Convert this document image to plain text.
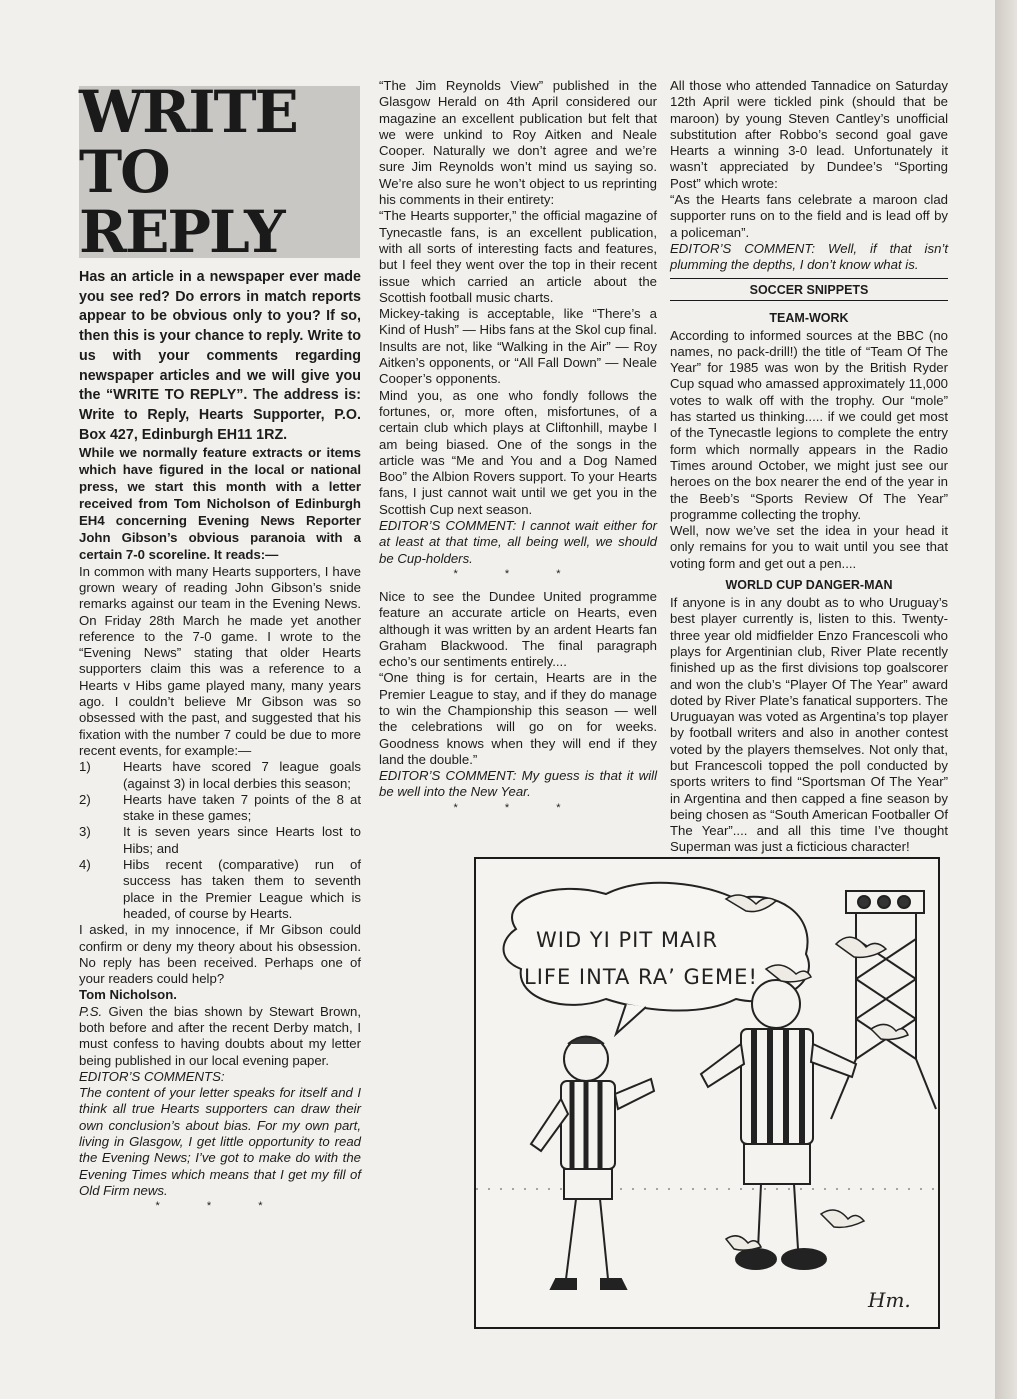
WRITE
TO
REPLY

Has an article in a newspaper ever made you see red? Do errors in match reports appear to be obvious only to you? If so, then this is your chance to reply. Write to us with your comments regarding newspaper articles and we will give you the “WRITE TO REPLY”. The address is: Write to Reply, Hearts Supporter, P.O. Box 427, Edinburgh EH11 1RZ.

While we normally feature extracts or items which have figured in the local or national press, we start this month with a letter received from Tom Nicholson of Edinburgh EH4 concerning Evening News Reporter John Gibson’s obvious paranoia with a certain 7-0 scoreline. It reads:—

In common with many Hearts supporters, I have grown weary of reading John Gibson’s snide remarks against our team in the Evening News. On Friday 28th March he made yet another reference to the 7-0 game. I wrote to the “Evening News” stating that older Hearts supporters claim this was a reference to a Hearts v Hibs game played many, many years ago. I couldn’t believe Mr Gibson was so obsessed with the past, and suggested that his fixation with the number 7 could be due to more recent events, for example:—

1)	Hearts have scored 7 league goals (against 3) in local derbies this season;
2)	Hearts have taken 7 points of the 8 at stake in these games;
3)	It is seven years since Hearts lost to Hibs; and
4)	Hibs recent (comparative) run of success has taken them to seventh place in the Premier League which is headed, of course by Hearts.

I asked, in my innocence, if Mr Gibson could confirm or deny my theory about his obsession. No reply has been received. Perhaps one of your readers could help?

Tom Nicholson.

P.S. Given the bias shown by Stewart Brown, both before and after the recent Derby match, I must confess to having doubts about my letter being published in our local evening paper.

EDITOR’S COMMENTS:

The content of your letter speaks for itself and I think all true Hearts supporters can draw their own conclusion’s about bias. For my own part, living in Glasgow, I get little opportunity to read the Evening News; I’ve got to make do with the Evening Times which means that I get my fill of Old Firm news.

* * *

“The Jim Reynolds View” published in the Glasgow Herald on 4th April considered our magazine an excellent publication but felt that we were unkind to Roy Aitken and Neale Cooper. Naturally we don’t agree and we’re sure Jim Reynolds won’t mind us saying so. We’re also sure he won’t object to us reprinting his comments in their entirety:

“The Hearts supporter,” the official magazine of Tynecastle fans, is an excellent publication, with all sorts of interesting facts and features, but I feel they went over the top in their recent issue which carried an article about the Scottish football music charts.

Mickey-taking is acceptable, like “There’s a Kind of Hush” — Hibs fans at the Skol cup final. Insults are not, like “Walking in the Air” — Roy Aitken’s opponents, or “All Fall Down” — Neale Cooper’s opponents.

Mind you, as one who fondly follows the fortunes, or, more often, misfortunes, of a certain club which plays at Cliftonhill, maybe I am being biased. One of the songs in the article was “Me and You and a Dog Named Boo” the Albion Rovers support. To your Hearts fans, I just cannot wait until we get you in the Scottish Cup next season.

EDITOR’S COMMENT: I cannot wait either for at least at that time, all being well, we should be Cup-holders.

* * *

Nice to see the Dundee United programme feature an accurate article on Hearts, even although it was written by an ardent Hearts fan Graham Blackwood. The final paragraph echo’s our sentiments entirely....

“One thing is for certain, Hearts are in the Premier League to stay, and if they do manage to win the Championship this season — well the celebrations will go on for weeks. Goodness knows when they will end if they land the double.”

EDITOR’S COMMENT: My guess is that it will be well into the New Year.

* * *

All those who attended Tannadice on Saturday 12th April were tickled pink (should that be maroon) by young Steven Cantley’s unofficial substitution after Robbo’s second goal gave Hearts a winning 3-0 lead. Unfortunately it wasn’t appreciated by Dundee’s “Sporting Post” which wrote:

“As the Hearts fans celebrate a maroon clad supporter runs on to the field and is lead off by a policeman”.

EDITOR’S COMMENT: Well, if that isn’t plumming the depths, I don’t know what is.

SOCCER SNIPPETS
TEAM-WORK

According to informed sources at the BBC (no names, no pack-drill!) the title of “Team Of The Year” for 1985 was won by the British Ryder Cup squad who amassed approximately 11,000 votes to walk off with the trophy. Our “mole” has started us thinking..... if we could get most of the Tynecastle legions to complete the entry form which normally appears in the Radio Times around October, we might just see our heroes on the box nearer the end of the year in the Beeb’s “Sports Review Of The Year” programme collecting the trophy.

Well, now we’ve set the idea in your head it only remains for you to wait until you see that voting form and get out a pen....

WORLD CUP DANGER-MAN

If anyone is in any doubt as to who Uruguay’s best player currently is, listen to this. Twenty-three year old midfielder Enzo Francescoli who plays for Argentinian club, River Plate recently finished up as the first divisions top goalscorer and won the club’s “Player Of The Year” award doted by River Plate’s fanatical supporters. The Uruguayan was voted as Argentina’s top player by football writers and also in another contest voted by the players themselves. Not only that, but Francescoli topped the poll conducted by sports writers to find “Sportsman Of The Year” in Argentina and then capped a fine season by being chosen as “South American Footballer Of The Year”.... and all this time I’ve thought Superman was just a ficticious character!

WID YI PIT MAIR
LIFE INTA RA’ GEME!
Hm.
